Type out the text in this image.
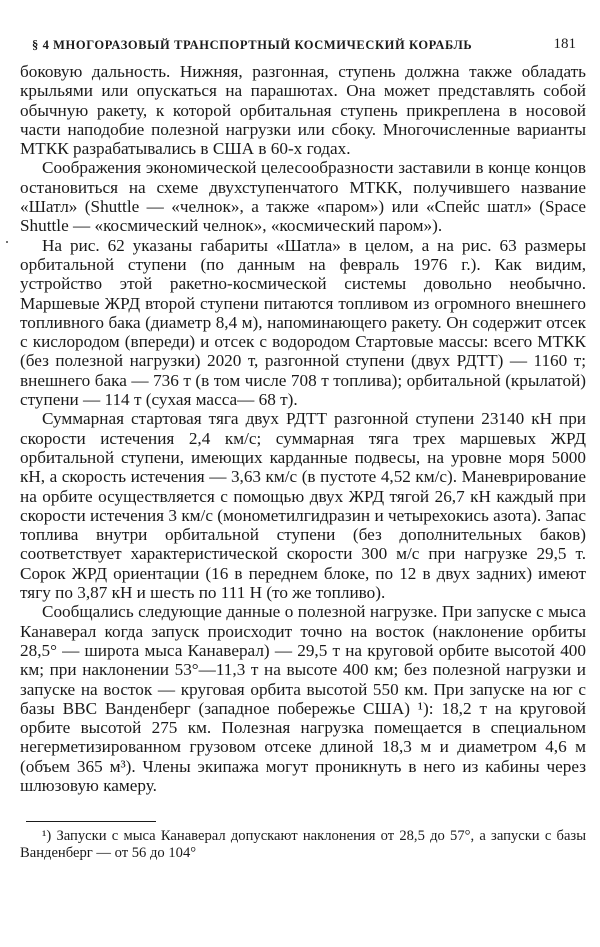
§ 4 МНОГОРАЗОВЫЙ ТРАНСПОРТНЫЙ КОСМИЧЕСКИЙ КОРАБЛЬ	181

боковую дальность. Нижняя, разгонная, ступень должна также обладать крыльями или опускаться на парашютах. Она может представлять собой обычную ракету, к которой орбитальная ступень прикреплена в носовой части наподобие полезной нагрузки или сбоку. Многочисленные варианты МТКК разрабатывались в США в 60-х годах.

Соображения экономической целесообразности заставили в конце концов остановиться на схеме двухступенчатого МТКК, получившего название «Шатл» (Shuttle — «челнок», а также «паром») или «Спейс шатл» (Space Shuttle — «космический челнок», «космический паром»).

На рис. 62 указаны габариты «Шатла» в целом, а на рис. 63 размеры орбитальной ступени (по данным на февраль 1976 г.). Как видим, устройство этой ракетно-космической системы довольно необычно. Маршевые ЖРД второй ступени питаются топливом из огромного внешнего топливного бака (диаметр 8,4 м), напоминающего ракету. Он содержит отсек с кислородом (впереди) и отсек с водородом Стартовые массы: всего МТКК (без полезной нагрузки) 2020 т, разгонной ступени (двух РДТТ) — 1160 т; внешнего бака — 736 т (в том числе 708 т топлива); орбитальной (крылатой) ступени — 114 т (сухая масса— 68 т).

Суммарная стартовая тяга двух РДТТ разгонной ступени 23140 кН при скорости истечения 2,4 км/с; суммарная тяга трех маршевых ЖРД орбитальной ступени, имеющих карданные подвесы, на уровне моря 5000 кН, а скорость истечения — 3,63 км/с (в пустоте 4,52 км/с). Маневрирование на орбите осуществляется с помощью двух ЖРД тягой 26,7 кН каждый при скорости истечения 3 км/с (монометилгидразин и четырехокись азота). Запас топлива внутри орбитальной ступени (без дополнительных баков) соответствует характеристической скорости 300 м/с при нагрузке 29,5 т. Сорок ЖРД ориентации (16 в переднем блоке, по 12 в двух задних) имеют тягу по 3,87 кН и шесть по 111 Н (то же топливо).

Сообщались следующие данные о полезной нагрузке. При запуске с мыса Канаверал когда запуск происходит точно на восток (наклонение орбиты 28,5° — широта мыса Канаверал) — 29,5 т на круговой орбите высотой 400 км; при наклонении 53°—11,3 т на высоте 400 км; без полезной нагрузки и запуске на восток — круговая орбита высотой 550 км. При запуске на юг с базы ВВС Ванденберг (западное побережье США) ¹): 18,2 т на круговой орбите высотой 275 км. Полезная нагрузка помещается в специальном негерметизированном грузовом отсеке длиной 18,3 м и диаметром 4,6 м (объем 365 м³). Члены экипажа могут проникнуть в него из кабины через шлюзовую камеру.

¹) Запуски с мыса Канаверал допускают наклонения от 28,5 до 57°, а запуски с базы Ванденберг — от 56 до 104°
